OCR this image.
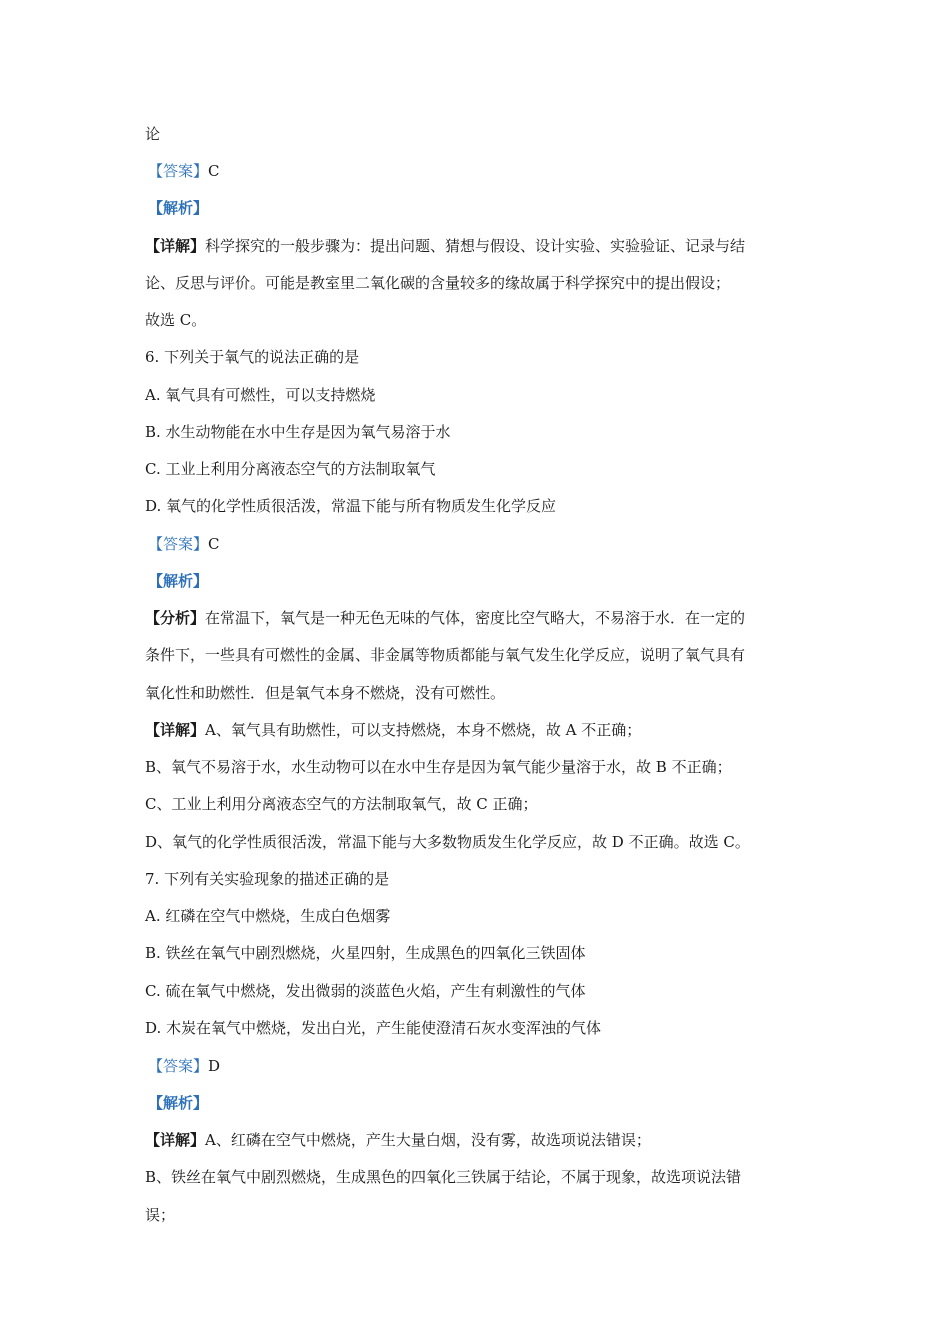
论
【答案】C
【解析】
【详解】科学探究的一般步骤为：提出问题、猜想与假设、设计实验、实验验证、记录与结
论、反思与评价。可能是教室里二氧化碳的含量较多的缘故属于科学探究中的提出假设；
故选 C。
6. 下列关于氧气的说法正确的是
A. 氧气具有可燃性，可以支持燃烧
B. 水生动物能在水中生存是因为氧气易溶于水
C. 工业上利用分离液态空气的方法制取氧气
D. 氧气的化学性质很活泼，常温下能与所有物质发生化学反应
【答案】C
【解析】
【分析】在常温下，氧气是一种无色无味的气体，密度比空气略大，不易溶于水．在一定的
条件下，一些具有可燃性的金属、非金属等物质都能与氧气发生化学反应，说明了氧气具有
氧化性和助燃性．但是氧气本身不燃烧，没有可燃性。
【详解】A、氧气具有助燃性，可以支持燃烧，本身不燃烧，故 A 不正确；
B、氧气不易溶于水，水生动物可以在水中生存是因为氧气能少量溶于水，故 B 不正确；
C、工业上利用分离液态空气的方法制取氧气，故 C 正确；
D、氧气的化学性质很活泼，常温下能与大多数物质发生化学反应，故 D 不正确。故选 C。
7. 下列有关实验现象的描述正确的是
A. 红磷在空气中燃烧，生成白色烟雾
B. 铁丝在氧气中剧烈燃烧，火星四射，生成黑色的四氧化三铁固体
C. 硫在氧气中燃烧，发出微弱的淡蓝色火焰，产生有刺激性的气体
D. 木炭在氧气中燃烧，发出白光，产生能使澄清石灰水变浑浊的气体
【答案】D
【解析】
【详解】A、红磷在空气中燃烧，产生大量白烟，没有雾，故选项说法错误；
B、铁丝在氧气中剧烈燃烧，生成黑色的四氧化三铁属于结论，不属于现象，故选项说法错
误；
